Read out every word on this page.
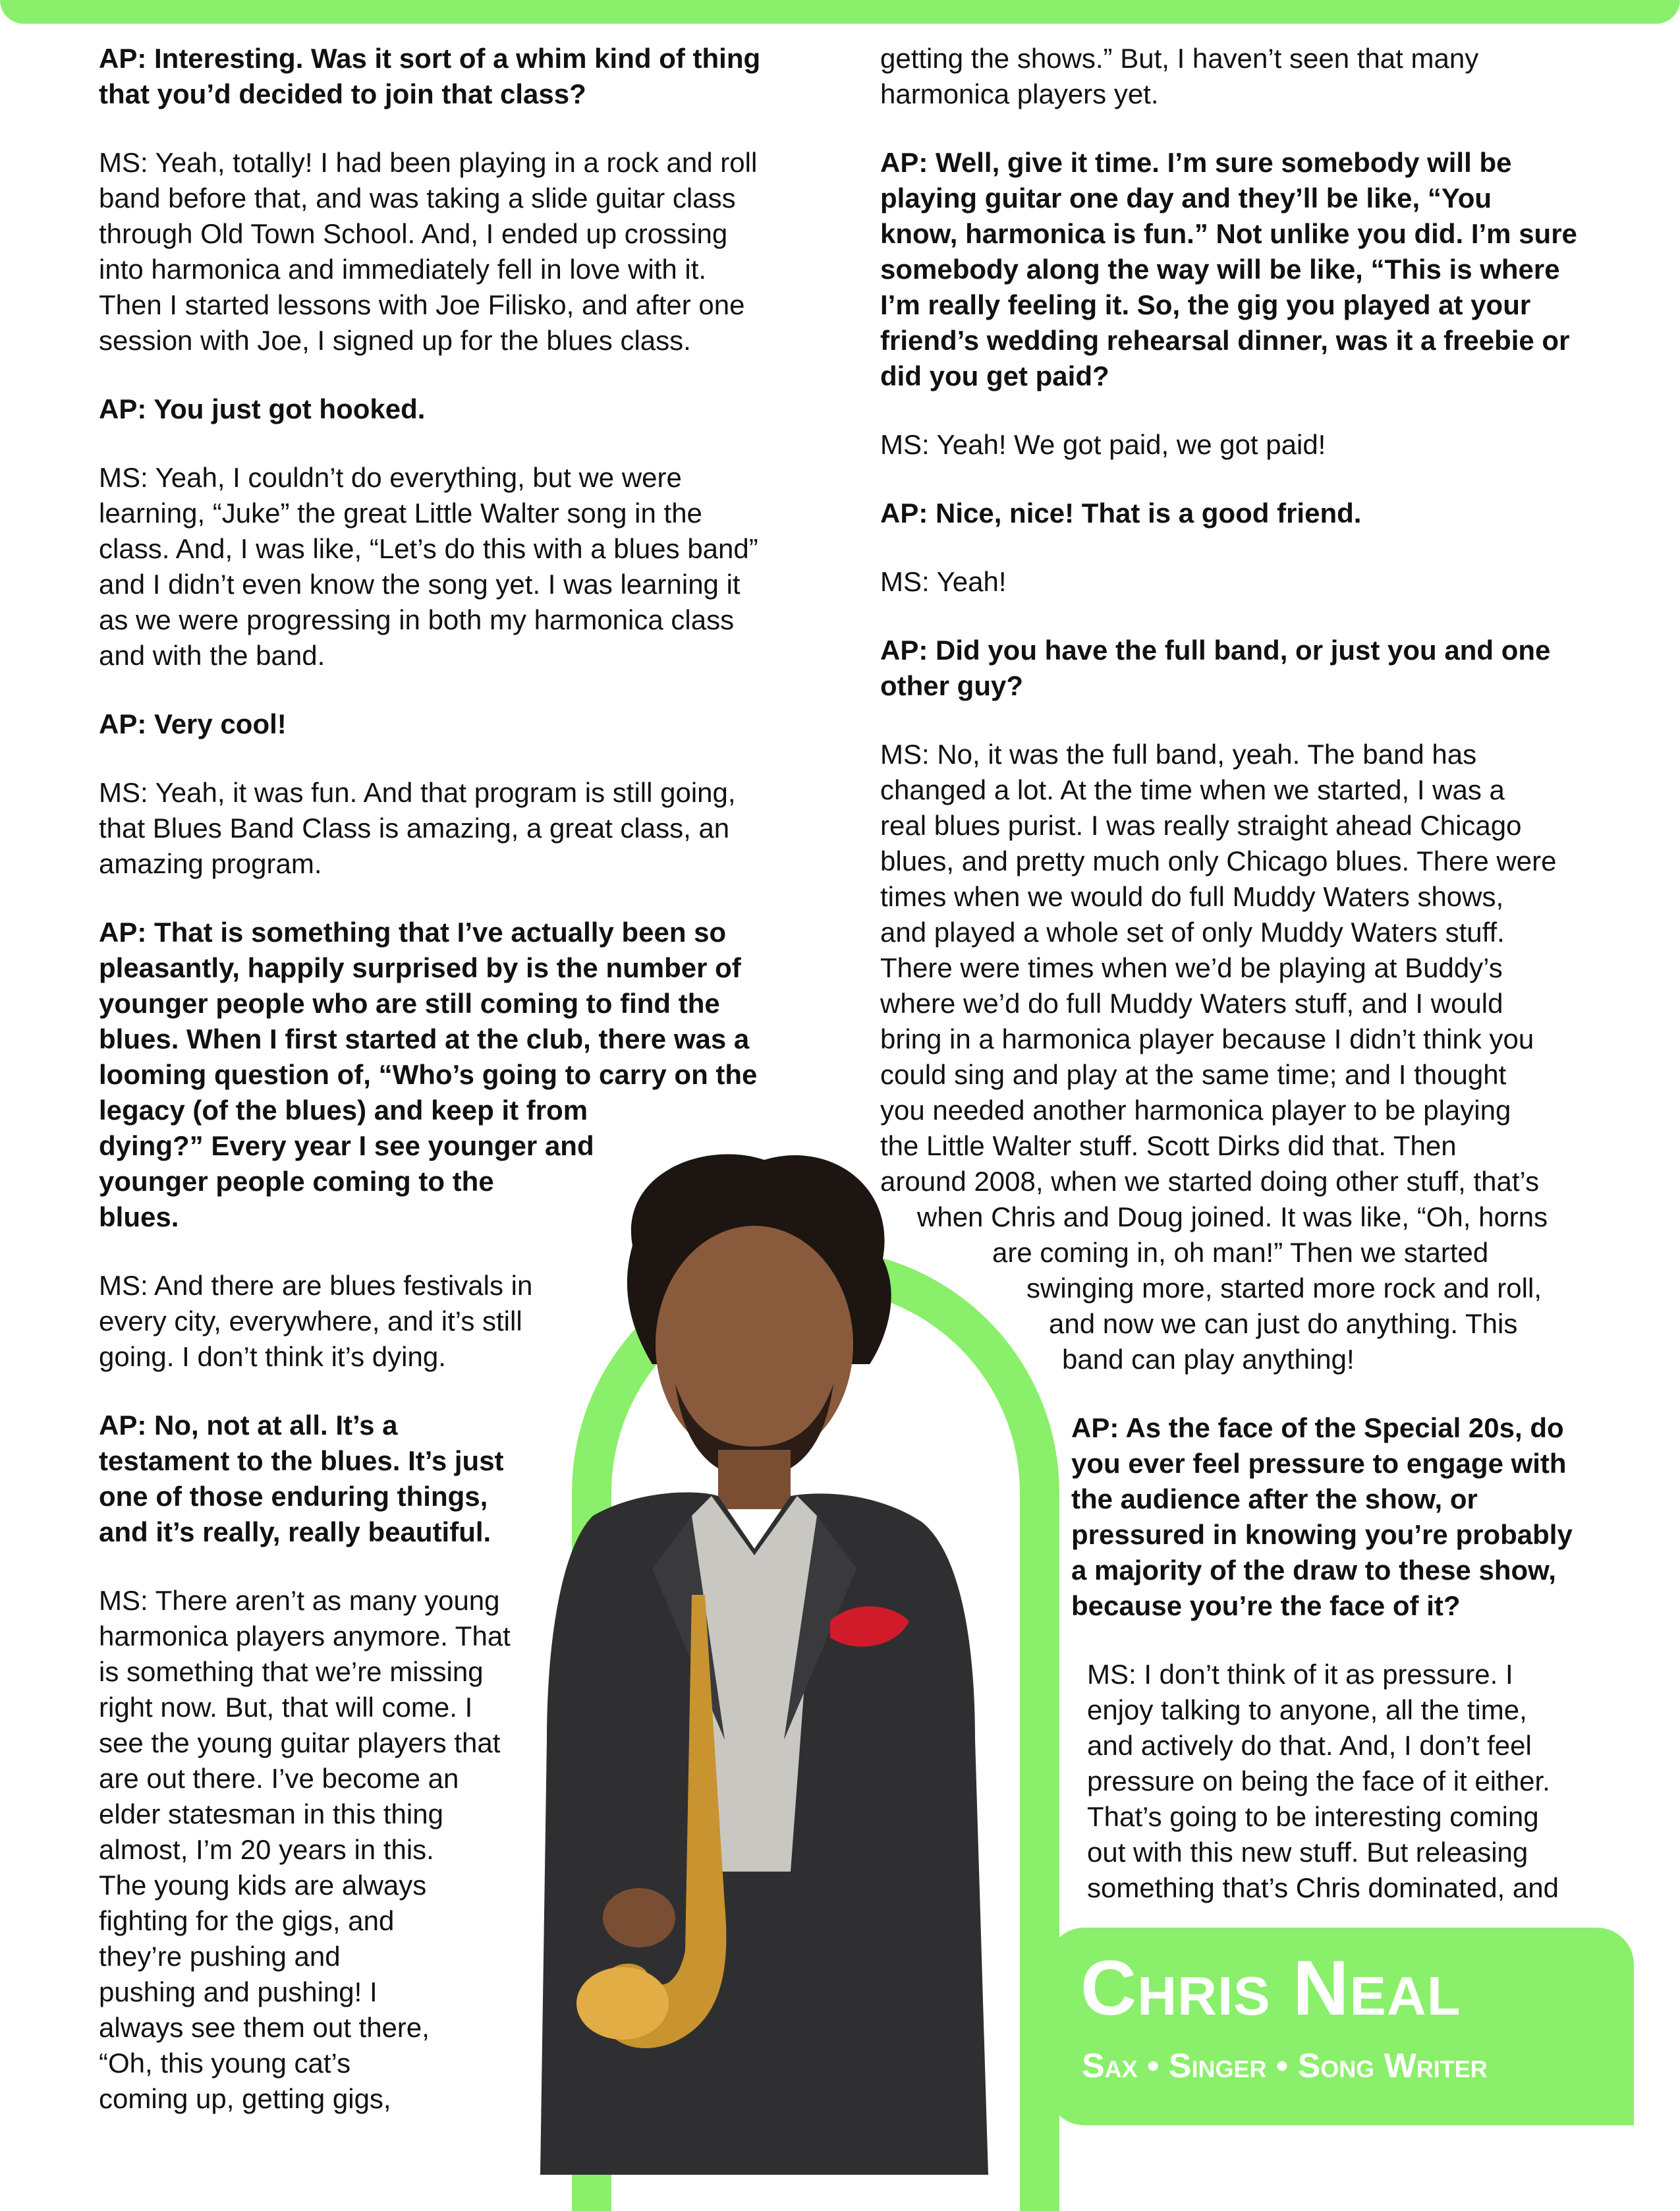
AP: Interesting. Was it sort of a whim kind of thing
that you’d decided to join that class?
MS: Yeah, totally! I had been playing in a rock and roll
band before that, and was taking a slide guitar class
through Old Town School. And, I ended up crossing
into harmonica and immediately fell in love with it.
Then I started lessons with Joe Filisko, and after one
session with Joe, I signed up for the blues class.
AP: You just got hooked.
MS: Yeah, I couldn’t do everything, but we were
learning, “Juke” the great Little Walter song in the
class. And, I was like, “Let’s do this with a blues band”
and I didn’t even know the song yet. I was learning it
as we were progressing in both my harmonica class
and with the band.
AP: Very cool!
MS: Yeah, it was fun. And that program is still going,
that Blues Band Class is amazing, a great class, an
amazing program.
AP: That is something that I’ve actually been so
pleasantly, happily surprised by is the number of
younger people who are still coming to find the
blues. When I first started at the club, there was a
looming question of, “Who’s going to carry on the
legacy (of the blues) and keep it from
dying?” Every year I see younger and
younger people coming to the
blues.
MS: And there are blues festivals in
every city, everywhere, and it’s still
going. I don’t think it’s dying.
AP: No, not at all. It’s a
testament to the blues. It’s just
one of those enduring things,
and it’s really, really beautiful.
MS: There aren’t as many young
harmonica players anymore. That
is something that we’re missing
right now. But, that will come. I
see the young guitar players that
are out there. I’ve become an
elder statesman in this thing
almost, I’m 20 years in this.
The young kids are always
fighting for the gigs, and
they’re pushing and
pushing and pushing! I
always see them out there,
“Oh, this young cat’s
coming up, getting gigs,
getting the shows.” But, I haven’t seen that many
harmonica players yet.
AP: Well, give it time. I’m sure somebody will be
playing guitar one day and they’ll be like, “You
know, harmonica is fun.” Not unlike you did. I’m sure
somebody along the way will be like, “This is where
I’m really feeling it. So, the gig you played at your
friend’s wedding rehearsal dinner, was it a freebie or
did you get paid?
MS: Yeah! We got paid, we got paid!
AP: Nice, nice! That is a good friend.
MS: Yeah!
AP: Did you have the full band, or just you and one
other guy?
MS: No, it was the full band, yeah. The band has
changed a lot. At the time when we started, I was a
real blues purist. I was really straight ahead Chicago
blues, and pretty much only Chicago blues. There were
times when we would do full Muddy Waters shows,
and played a whole set of only Muddy Waters stuff.
There were times when we’d be playing at Buddy’s
where we’d do full Muddy Waters stuff, and I would
bring in a harmonica player because I didn’t think you
could sing and play at the same time; and I thought
you needed another harmonica player to be playing
the Little Walter stuff. Scott Dirks did that. Then
around 2008, when we started doing other stuff, that’s
when Chris and Doug joined. It was like, “Oh, horns
are coming in, oh man!” Then we started
swinging more, started more rock and roll,
and now we can just do anything. This
band can play anything!
AP: As the face of the Special 20s, do
you ever feel pressure to engage with
the audience after the show, or
pressured in knowing you’re probably
a majority of the draw to these show,
because you’re the face of it?
MS: I don’t think of it as pressure. I
enjoy talking to anyone, all the time,
and actively do that. And, I don’t feel
pressure on being the face of it either.
That’s going to be interesting coming
out with this new stuff. But releasing
something that’s Chris dominated, and
Chris Neal
Sax • Singer • Song Writer
